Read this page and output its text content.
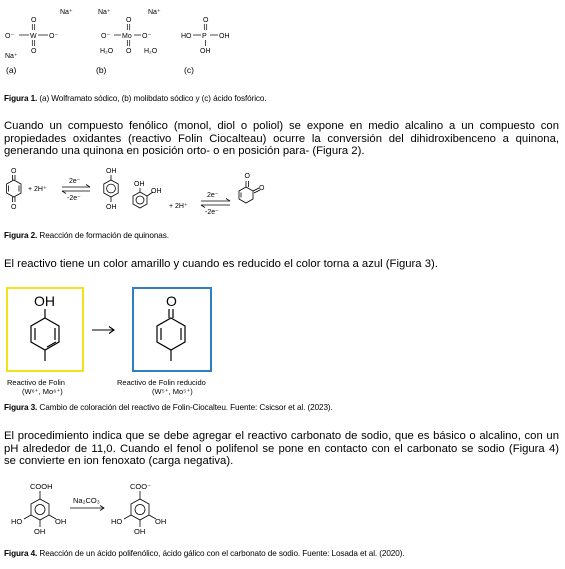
Na⁺
O
O⁻ W O⁻
O
Na⁺
(a)
Na⁺	Na⁺
O
O⁻ Mo O⁻
O
H₂O	H₂O
(b)
O
HO P OH
OH
(c)
Figura 1. (a) Wolframato sódico, (b) molibdato sódico y (c) ácido fosfórico.
Cuando un compuesto fenólico (monol, diol o poliol) se expone en medio alcalino a un compuesto con
propiedades oxidantes (reactivo Folin Ciocalteau) ocurre la conversión del dihidroxibenceno a quinona,
generando una quinona en posición orto- o en posición para- (Figura 2).
O
O
+ 2H⁺
2e⁻
-2e⁻
OH
OH
OH
OH
+ 2H⁺
2e⁻
-2e⁻
O
O
Figura 2. Reacción de formación de quinonas.
El reactivo tiene un color amarillo y cuando es reducido el color torna a azul (Figura 3).
OH	O
Reactivo de Folin
(W⁶⁺, Mo⁶⁺)
Reactivo de Folin reducido
(W⁵⁺, Mo⁵⁺)
Figura 3. Cambio de coloración del reactivo de Folin-Ciocalteu. Fuente: Csicsor et al. (2023).
El procedimiento indica que se debe agregar el reactivo carbonato de sodio, que es básico o alcalino, con un
pH alrededor de 11,0. Cuando el fenol o polifenol se pone en contacto con el carbonato se sodio (Figura 4)
se convierte en ion fenoxato (carga negativa).
COOH
HO	OH
OH
Na₂CO₃
COO⁻
HO	OH
OH
Figura 4. Reacción de un ácido polifenólico, ácido gálico con el carbonato de sodio. Fuente: Losada et al. (2020).
